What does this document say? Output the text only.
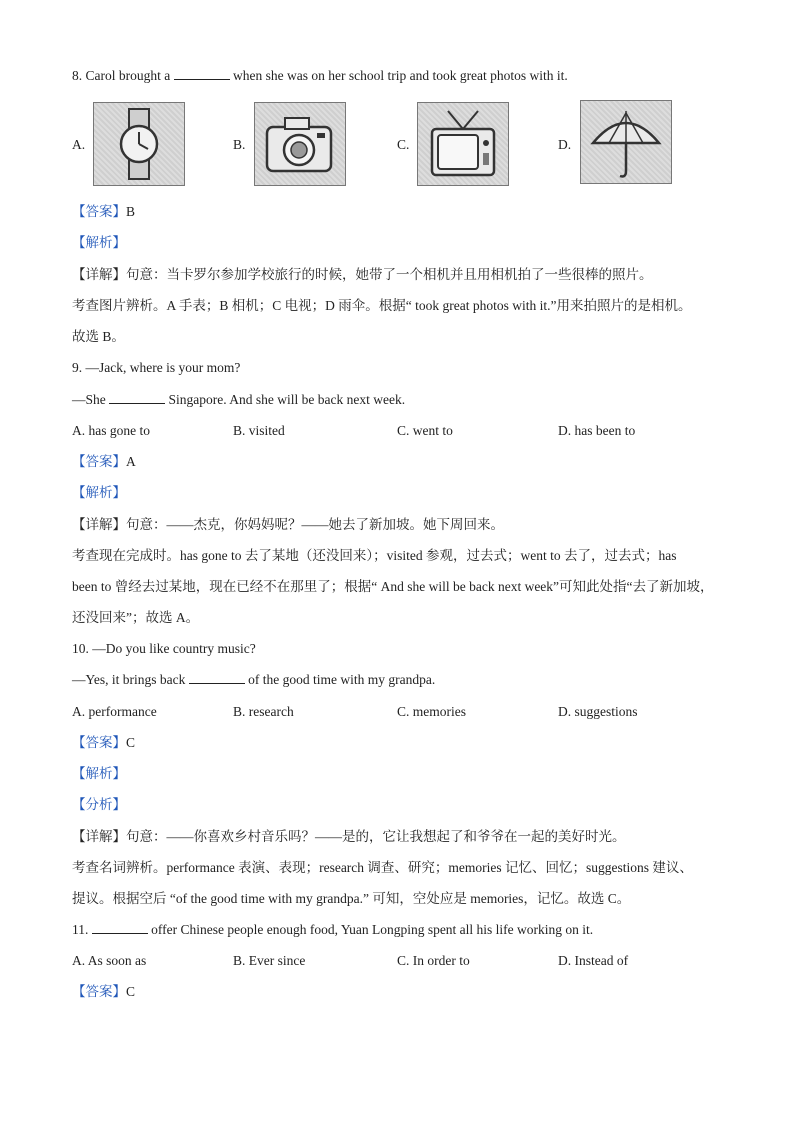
8. Carol brought a	when she was on her school trip and took great photos with it.
A.	B.	C.	D.
【答案】B
【解析】
【详解】句意：当卡罗尔参加学校旅行的时候，她带了一个相机并且用相机拍了一些很棒的照片。
考查图片辨析。A 手表；B 相机；C 电视；D 雨伞。根据“ took great photos with it.”用来拍照片的是相机。
故选 B。
9. —Jack, where is your mom?
—She	Singapore. And she will be back next week.
A. has gone to	B. visited	C. went to	D. has been to
【答案】A
【解析】
【详解】句意：——杰克，你妈妈呢？——她去了新加坡。她下周回来。
考查现在完成时。has gone to 去了某地（还没回来）；visited 参观，过去式；went to 去了，过去式；has
been to 曾经去过某地，现在已经不在那里了；根据“ And she will be back next week”可知此处指“去了新加坡，
还没回来”；故选 A。
10. —Do you like country music?
—Yes, it brings back	of the good time with my grandpa.
A. performance	B. research	C. memories	D. suggestions
【答案】C
【解析】
【分析】
【详解】句意：——你喜欢乡村音乐吗？——是的，它让我想起了和爷爷在一起的美好时光。
考查名词辨析。performance 表演、表现；research 调查、研究；memories 记忆、回忆；suggestions 建议、
提议。根据空后 “of the good time with my grandpa.” 可知，空处应是 memories，记忆。故选 C。
11.	offer Chinese people enough food, Yuan Longping spent all his life working on it.
A. As soon as	B. Ever since	C. In order to	D. Instead of
【答案】C
